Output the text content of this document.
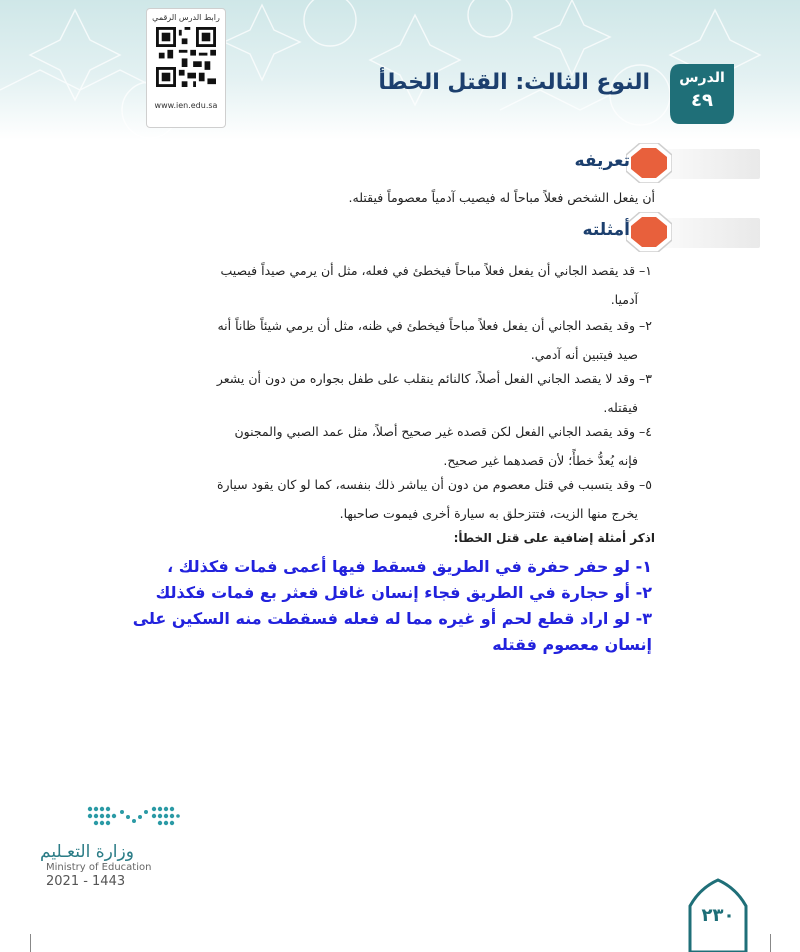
رابط الدرس الرقمي
www.ien.edu.sa
النوع الثالث: القتل الخطأ	الدرس
٤٩
تعريفه
أن يفعل الشخص فعلاً مباحاً له فيصيب آدمياً معصوماً فيقتله.
أمثلته
١– قد يقصد الجاني أن يفعل فعلاً مباحاً فيخطئ في فعله، مثل أن يرمي صيداً فيصيب
آدميا.
٢– وقد يقصد الجاني أن يفعل فعلاً مباحاً فيخطئ في ظنه، مثل أن يرمي شيئاً ظاناً أنه
صيد فيتبين أنه آدمي.
٣– وقد لا يقصد الجاني الفعل أصلاً، كالنائم ينقلب على طفل بجواره من دون أن يشعر
فيقتله.
٤– وقد يقصد الجاني الفعل لكن قصده غير صحيح أصلاً، مثل عمد الصبي والمجنون
فإنه يُعدُّ خطأً؛ لأن قصدهما غير صحيح.
٥– وقد يتسبب في قتل معصوم من دون أن يباشر ذلك بنفسه، كما لو كان يقود سيارة
يخرج منها الزيت، فتتزحلق به سيارة أخرى فيموت صاحبها.
اذكر أمثلة إضافية على قتل الخطأ:
١- لو حفر حفرة في الطريق فسقط فيها أعمى فمات فكذلك ،
٢- أو حجارة في الطريق فجاء إنسان غافل فعثر بع فمات فكذلك
٣- لو اراد قطع لحم أو غيره مما له فعله فسقطت منه السكين على
إنسان معصوم فقتله
وزارة التعـليم
Ministry of Education
2021 - 1443
٢٣٠
